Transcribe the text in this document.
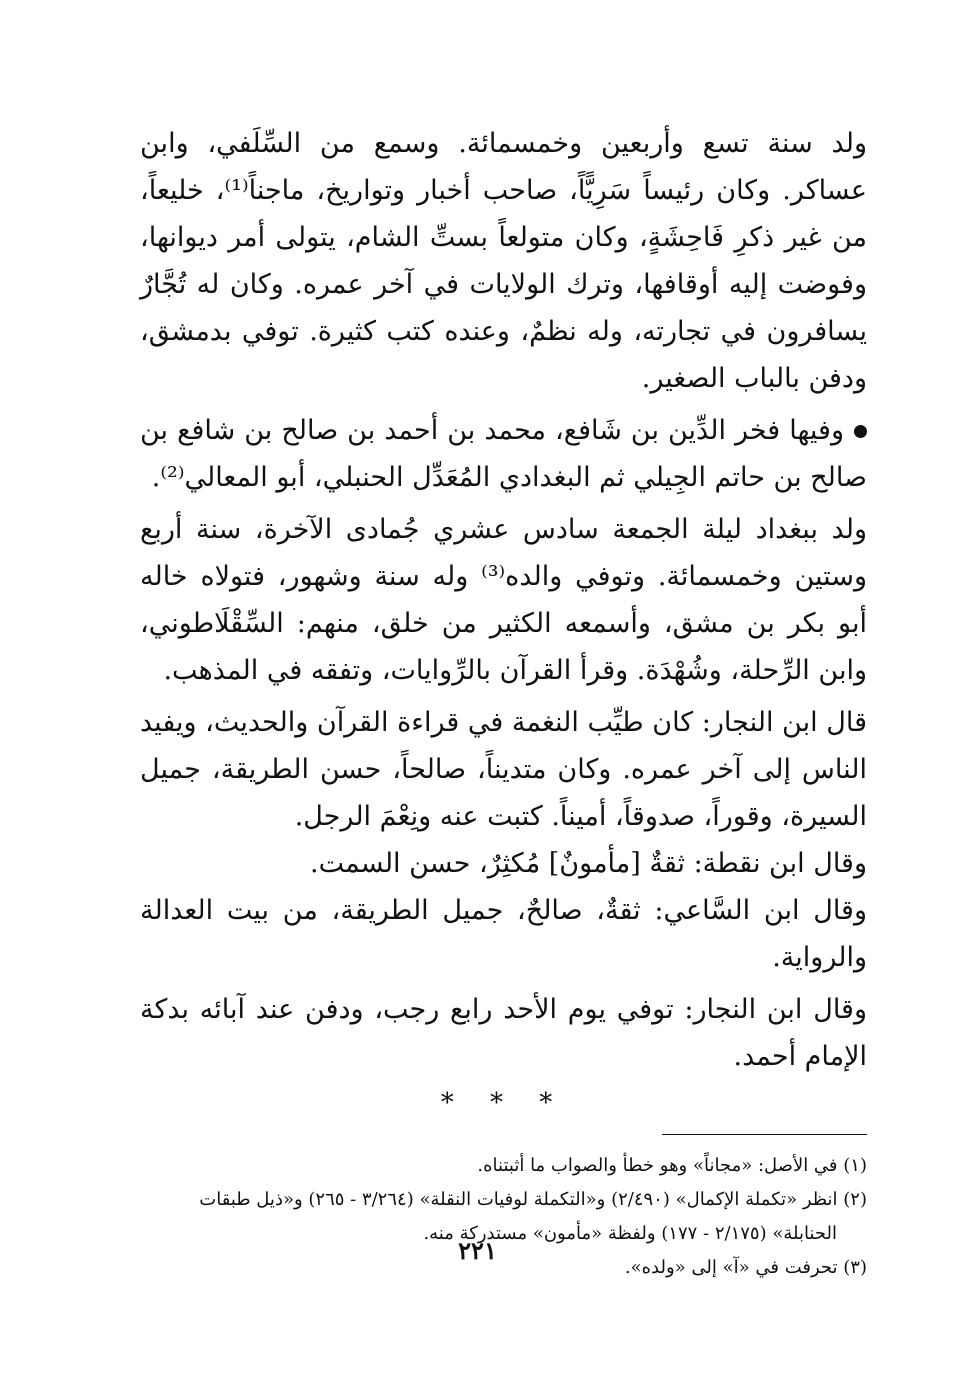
ولد سنة تسع وأربعين وخمسمائة. وسمع من السِّلَفي، وابن عساكر. وكان رئيساً سَرِيًّاً، صاحب أخبار وتواريخ، ماجناً⁽¹⁾، خليعاً، من غير ذكرِ فَاحِشَةٍ، وكان متولعاً بستِّ الشام، يتولى أمر ديوانها، وفوضت إليه أوقافها، وترك الولايات في آخر عمره. وكان له تُجَّارٌ يسافرون في تجارته، وله نظمٌ، وعنده كتب كثيرة. توفي بدمشق، ودفن بالباب الصغير.

وفيها فخر الدِّين بن شَافع، محمد بن أحمد بن صالح بن شافع بن صالح بن حاتم الجِيلي ثم البغدادي المُعَدِّل الحنبلي، أبو المعالي⁽²⁾.

ولد ببغداد ليلة الجمعة سادس عشري جُمادى الآخرة، سنة أربع وستين وخمسمائة. وتوفي والده⁽³⁾ وله سنة وشهور، فتولاه خاله أبو بكر بن مشق، وأسمعه الكثير من خلق، منهم: السِّقْلَاطوني، وابن الرِّحلة، وشُهْدَة. وقرأ القرآن بالرِّوايات، وتفقه في المذهب.

قال ابن النجار: كان طيِّب النغمة في قراءة القرآن والحديث، ويفيد الناس إلى آخر عمره. وكان متديناً، صالحاً، حسن الطريقة، جميل السيرة، وقوراً، صدوقاً، أميناً. كتبت عنه ونِعْمَ الرجل.

وقال ابن نقطة: ثقةٌ [مأمونٌ] مُكثِرٌ، حسن السمت.

وقال ابن السَّاعي: ثقةٌ، صالحٌ، جميل الطريقة، من بيت العدالة والرواية.

وقال ابن النجار: توفي يوم الأحد رابع رجب، ودفن عند آبائه بدكة الإمام أحمد.

* * *

(١) في الأصل: «مجاناً» وهو خطأ والصواب ما أثبتناه.

(٢) انظر «تكملة الإكمال» (٢/٤٩٠) و«التكملة لوفيات النقلة» (٣/٢٦٤ - ٢٦٥) و«ذيل طبقات

الحنابلة» (٢/١٧٥ - ١٧٧) ولفظة «مأمون» مستدركة منه.

(٣) تحرفت في «آ» إلى «ولده».

٢٢١
